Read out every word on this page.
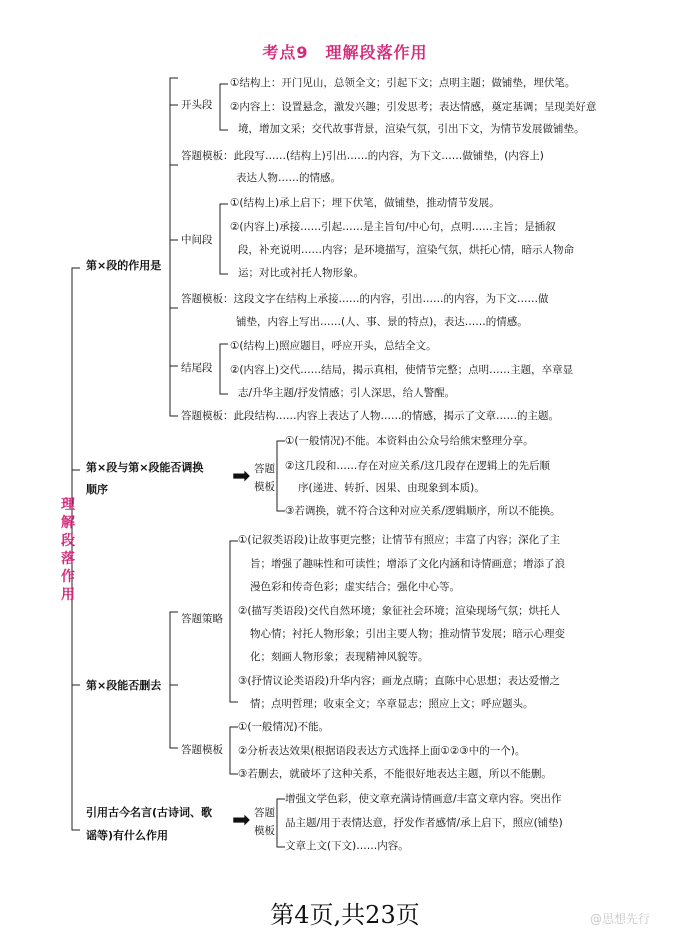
考点9　理解段落作用
理解段落作用
第×段的作用是
开头段
①结构上：开门见山，总领全文；引起下文；点明主题；做铺垫，埋伏笔。
②内容上：设置悬念，激发兴趣；引发思考；表达情感，奠定基调；呈现美好意
境，增加文采；交代故事背景，渲染气氛，引出下文，为情节发展做铺垫。
答题模板：此段写……(结构上)引出……的内容，为下文……做铺垫，(内容上)
表达人物……的情感。
中间段
①(结构上)承上启下；埋下伏笔，做铺垫，推动情节发展。
②(内容上)承接……引起……是主旨句/中心句，点明……主旨；是插叙
段，补充说明……内容；是环境描写，渲染气氛，烘托心情，暗示人物命
运；对比或衬托人物形象。
答题模板：这段文字在结构上承接……的内容，引出……的内容，为下文……做
铺垫，内容上写出……(人、事、景的特点)，表达……的情感。
结尾段
①(结构上)照应题目，呼应开头，总结全文。
②(内容上)交代……结局，揭示真相，使情节完整；点明……主题，卒章显
志/升华主题/抒发情感；引人深思，给人警醒。
答题模板：此段结构……内容上表达了人物……的情感，揭示了文章……的主题。
第×段与第×段能否调换
顺序
➡ 答题模板
①(一般情况)不能。本资料由公众号给熊宋整理分享。
②这几段和……存在对应关系/这几段存在逻辑上的先后顺
序(递进、转折、因果、由现象到本质)。
③若调换，就不符合这种对应关系/逻辑顺序，所以不能换。
第×段能否删去
答题策略
①(记叙类语段)让故事更完整；让情节有照应；丰富了内容；深化了主
旨；增强了趣味性和可读性；增添了文化内涵和诗情画意；增添了浪
漫色彩和传奇色彩；虚实结合；强化中心等。
②(描写类语段)交代自然环境；象征社会环境；渲染现场气氛；烘托人
物心情；衬托人物形象；引出主要人物；推动情节发展；暗示心理变
化；刻画人物形象；表现精神风貌等。
③(抒情议论类语段)升华内容；画龙点睛；直陈中心思想；表达爱憎之
情；点明哲理；收束全文；卒章显志；照应上文；呼应题头。
答题模板
①(一般情况)不能。
②分析表达效果(根据语段表达方式选择上面①②③中的一个)。
③若删去，就破坏了这种关系，不能很好地表达主题，所以不能删。
引用古今名言(古诗词、歌
谣等)有什么作用
➡ 答题模板
增强文学色彩，使文章充满诗情画意/丰富文章内容。突出作
品主题/用于表情达意，抒发作者感情/承上启下，照应(铺垫)
文章上文(下文)……内容。
第4页,共23页	@思想先行
